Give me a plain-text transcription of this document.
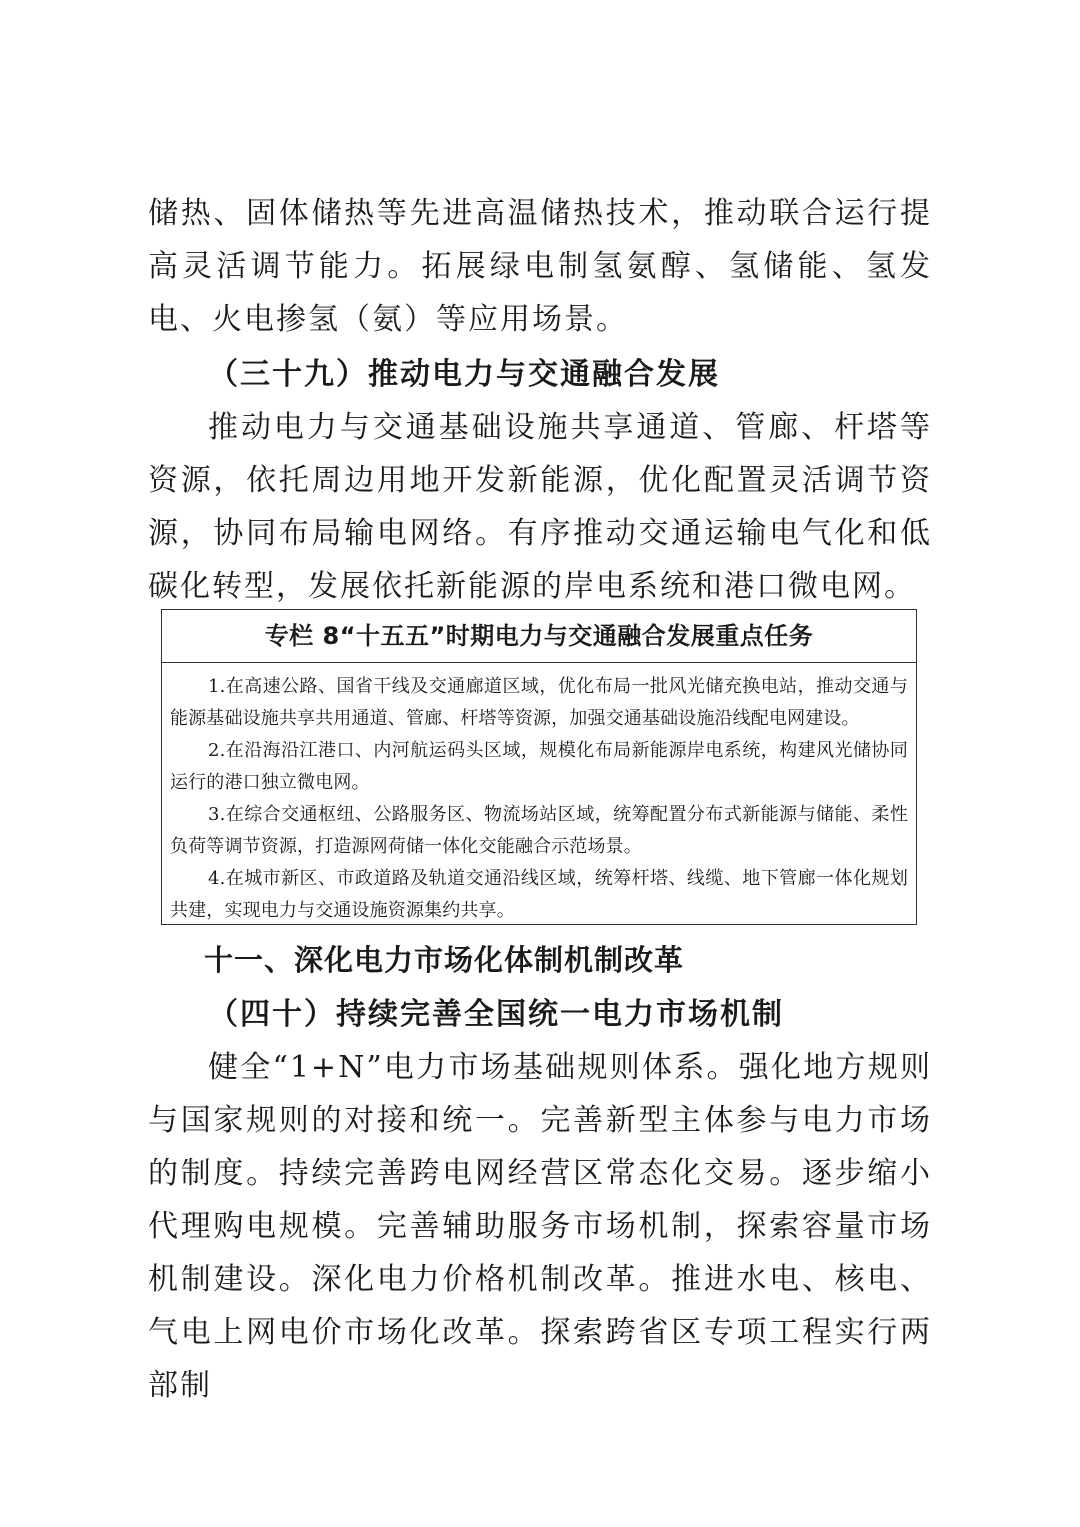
储热、固体储热等先进高温储热技术，推动联合运行提高灵活调节能力。拓展绿电制氢氨醇、氢储能、氢发电、火电掺氢（氨）等应用场景。

（三十九）推动电力与交通融合发展

推动电力与交通基础设施共享通道、管廊、杆塔等资源，依托周边用地开发新能源，优化配置灵活调节资源，协同布局输电网络。有序推动交通运输电气化和低碳化转型，发展依托新能源的岸电系统和港口微电网。

专栏 8“十五五”时期电力与交通融合发展重点任务

1.在高速公路、国省干线及交通廊道区域，优化布局一批风光储充换电站，推动交通与能源基础设施共享共用通道、管廊、杆塔等资源，加强交通基础设施沿线配电网建设。

2.在沿海沿江港口、内河航运码头区域，规模化布局新能源岸电系统，构建风光储协同运行的港口独立微电网。

3.在综合交通枢纽、公路服务区、物流场站区域，统筹配置分布式新能源与储能、柔性负荷等调节资源，打造源网荷储一体化交能融合示范场景。

4.在城市新区、市政道路及轨道交通沿线区域，统筹杆塔、线缆、地下管廊一体化规划共建，实现电力与交通设施资源集约共享。

十一、深化电力市场化体制机制改革
（四十）持续完善全国统一电力市场机制

健全“1+N”电力市场基础规则体系。强化地方规则与国家规则的对接和统一。完善新型主体参与电力市场的制度。持续完善跨电网经营区常态化交易。逐步缩小代理购电规模。完善辅助服务市场机制，探索容量市场机制建设。深化电力价格机制改革。推进水电、核电、气电上网电价市场化改革。探索跨省区专项工程实行两部制
